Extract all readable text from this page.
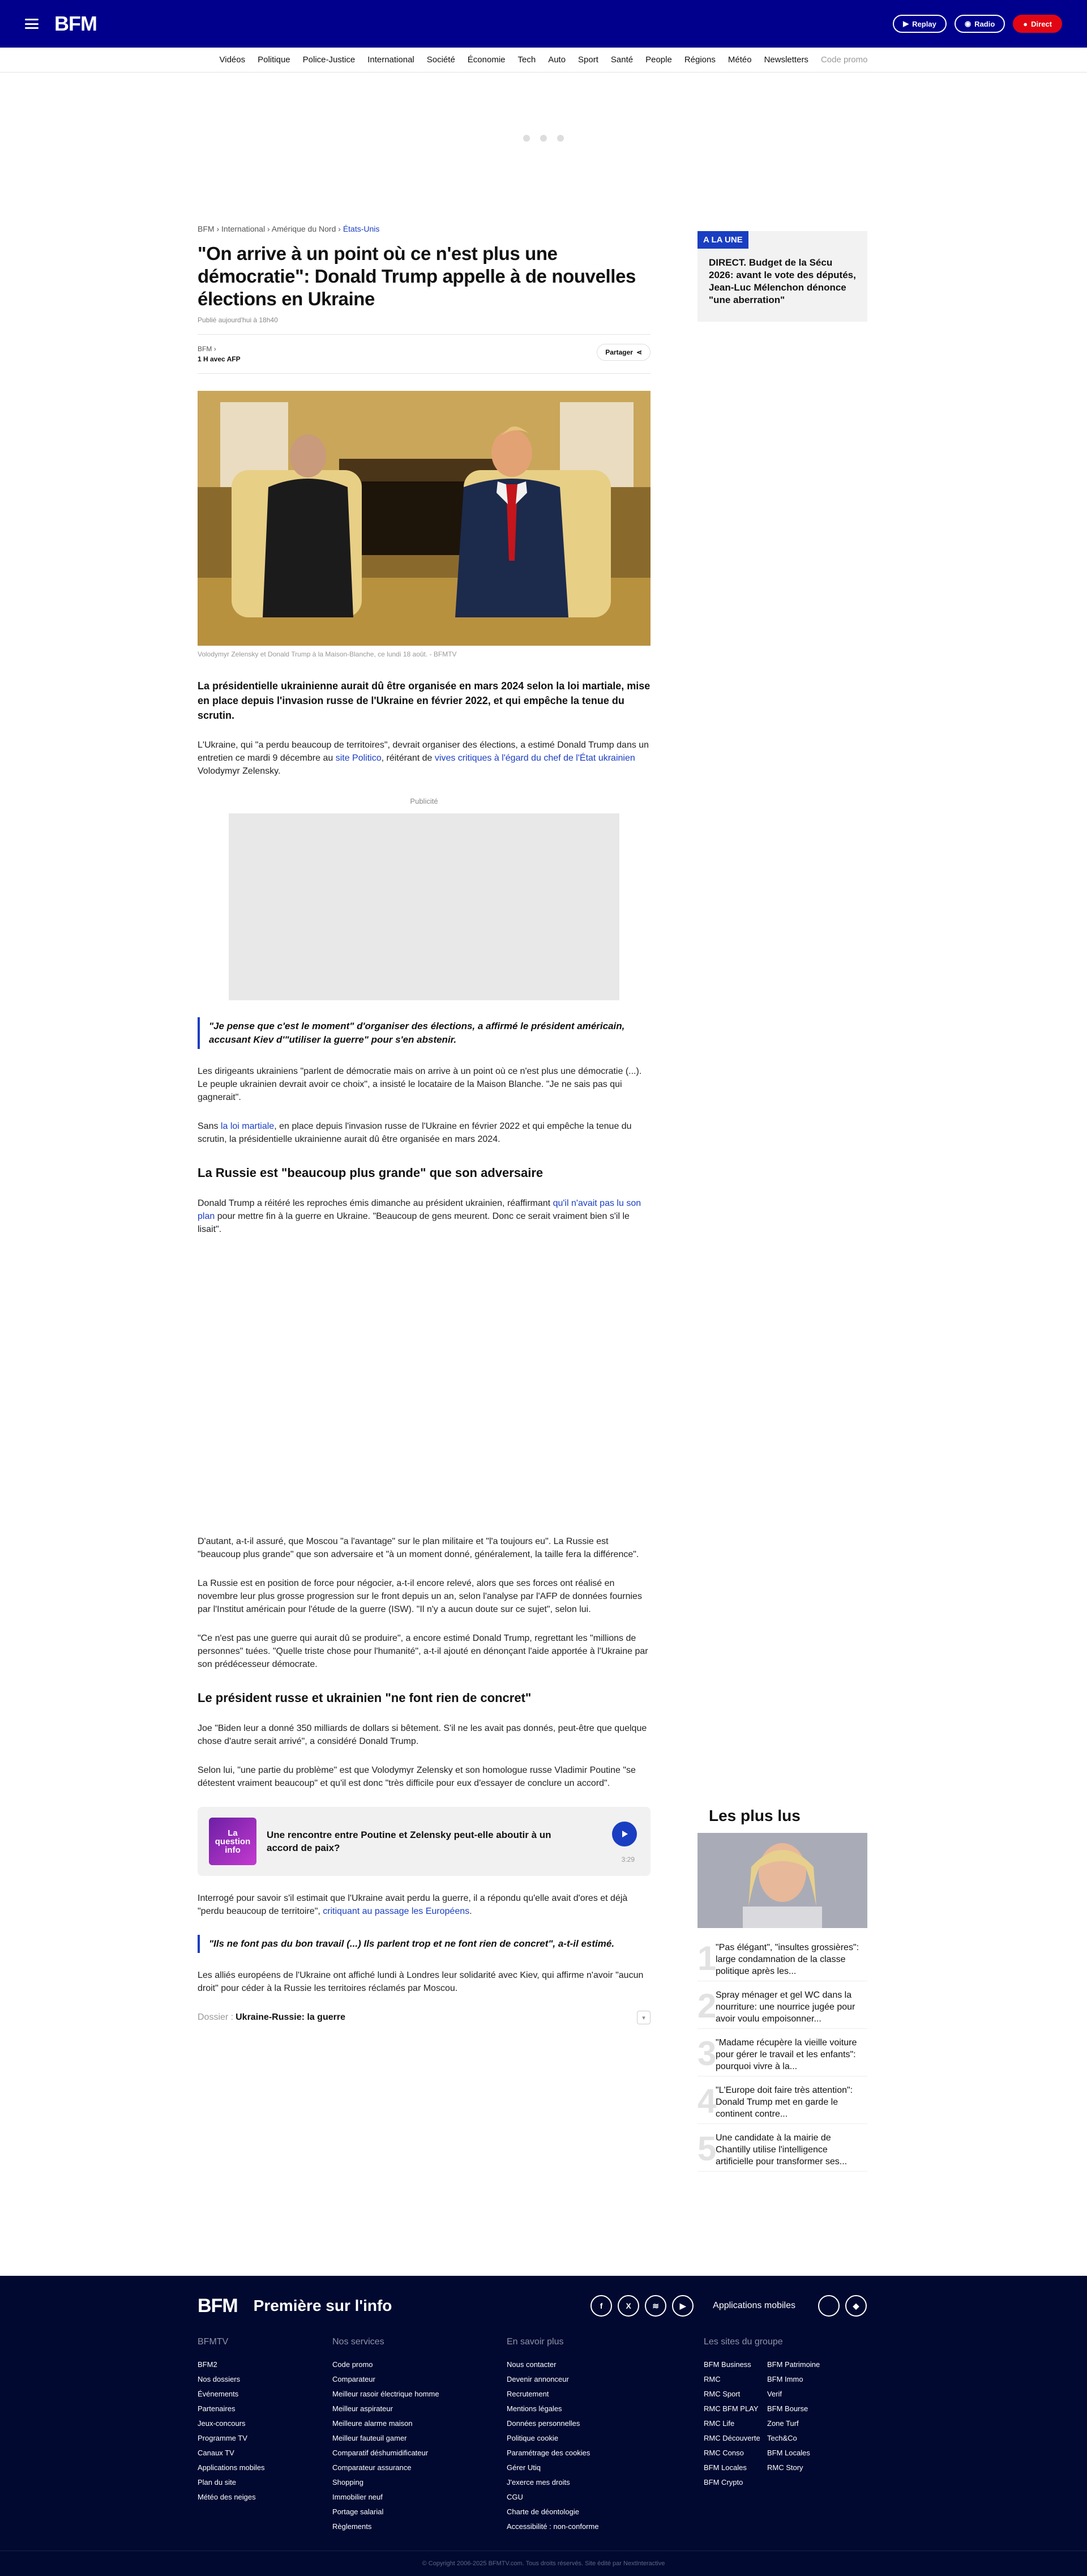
BFM	▶ Replay	◉ Radio	● Direct
Vidéos Politique Police-Justice International Société Économie Tech Auto Sport Santé People Régions Météo Newsletters Code promo
BFM › International › Amérique du Nord › États-Unis
"On arrive à un point où ce n'est plus une démocratie": Donald Trump appelle à de nouvelles élections en Ukraine
Publié aujourd'hui à 18h40
BFM ›
1 H avec AFP
Partager ⋖
Volodymyr Zelensky et Donald Trump à la Maison-Blanche, ce lundi 18 août. - BFMTV
La présidentielle ukrainienne aurait dû être organisée en mars 2024 selon la loi martiale, mise en place depuis l'invasion russe de l'Ukraine en février 2022, et qui empêche la tenue du scrutin.

L'Ukraine, qui "a perdu beaucoup de territoires", devrait organiser des élections, a estimé Donald Trump dans un entretien ce mardi 9 décembre au site Politico, réitérant de vives critiques à l'égard du chef de l'État ukrainien Volodymyr Zelensky.

Publicité
"Je pense que c'est le moment" d'organiser des élections, a affirmé le président américain, accusant Kiev d'"utiliser la guerre" pour s'en abstenir.

Les dirigeants ukrainiens "parlent de démocratie mais on arrive à un point où ce n'est plus une démocratie (...). Le peuple ukrainien devrait avoir ce choix", a insisté le locataire de la Maison Blanche. "Je ne sais pas qui gagnerait".

Sans la loi martiale, en place depuis l'invasion russe de l'Ukraine en février 2022 et qui empêche la tenue du scrutin, la présidentielle ukrainienne aurait dû être organisée en mars 2024.

La Russie est "beaucoup plus grande" que son adversaire

Donald Trump a réitéré les reproches émis dimanche au président ukrainien, réaffirmant qu'il n'avait pas lu son plan pour mettre fin à la guerre en Ukraine. "Beaucoup de gens meurent. Donc ce serait vraiment bien s'il le lisait".

D'autant, a-t-il assuré, que Moscou "a l'avantage" sur le plan militaire et "l'a toujours eu". La Russie est "beaucoup plus grande" que son adversaire et "à un moment donné, généralement, la taille fera la différence".

La Russie est en position de force pour négocier, a-t-il encore relevé, alors que ses forces ont réalisé en novembre leur plus grosse progression sur le front depuis un an, selon l'analyse par l'AFP de données fournies par l'Institut américain pour l'étude de la guerre (ISW). "Il n'y a aucun doute sur ce sujet", selon lui.

"Ce n'est pas une guerre qui aurait dû se produire", a encore estimé Donald Trump, regrettant les "millions de personnes" tuées. "Quelle triste chose pour l'humanité", a-t-il ajouté en dénonçant l'aide apportée à l'Ukraine par son prédécesseur démocrate.

Le président russe et ukrainien "ne font rien de concret"

Joe "Biden leur a donné 350 milliards de dollars si bêtement. S'il ne les avait pas donnés, peut-être que quelque chose d'autre serait arrivé", a considéré Donald Trump.

Selon lui, "une partie du problème" est que Volodymyr Zelensky et son homologue russe Vladimir Poutine "se détestent vraiment beaucoup" et qu'il est donc "très difficile pour eux d'essayer de conclure un accord".

La question info
Une rencontre entre Poutine et Zelensky peut-elle aboutir à un accord de paix?
3:29

Interrogé pour savoir s'il estimait que l'Ukraine avait perdu la guerre, il a répondu qu'elle avait d'ores et déjà "perdu beaucoup de territoire", critiquant au passage les Européens.

"Ils ne font pas du bon travail (...) Ils parlent trop et ne font rien de concret", a-t-il estimé.

Les alliés européens de l'Ukraine ont affiché lundi à Londres leur solidarité avec Kiev, qui affirme n'avoir "aucun droit" pour céder à la Russie les territoires réclamés par Moscou.

Dossier : Ukraine-Russie: la guerre	▾
A LA UNE
DIRECT. Budget de la Sécu 2026: avant le vote des députés, Jean-Luc Mélenchon dénonce "une aberration"
Les plus lus
1
"Pas élégant", "insultes grossières": large condamnation de la classe politique après les...
2
Spray ménager et gel WC dans la nourriture: une nourrice jugée pour avoir voulu empoisonner...
3
"Madame récupère la vieille voiture pour gérer le travail et les enfants": pourquoi vivre à la...
4
"L'Europe doit faire très attention": Donald Trump met en garde le continent contre...
5
Une candidate à la mairie de Chantilly utilise l'intelligence artificielle pour transformer ses...
BFM Première sur l'info	f	X	≋	▶	Applications mobiles	◆
BFMTV
BFM2
Nos dossiers
Événements
Partenaires
Jeux-concours
Programme TV
Canaux TV
Applications mobiles
Plan du site
Météo des neiges
Nos services
Code promo
Comparateur
Meilleur rasoir électrique homme
Meilleur aspirateur
Meilleure alarme maison
Meilleur fauteuil gamer
Comparatif déshumidificateur
Comparateur assurance
Shopping
Immobilier neuf
Portage salarial
Règlements
En savoir plus
Nous contacter
Devenir annonceur
Recrutement
Mentions légales
Données personnelles
Politique cookie
Paramétrage des cookies
Gérer Utiq
J'exerce mes droits
CGU
Charte de déontologie
Accessibilité : non-conforme
Les sites du groupe
BFM Business
RMC
RMC Sport
RMC BFM PLAY
RMC Life
RMC Découverte
RMC Conso
BFM Locales
BFM Crypto

BFM Patrimoine
BFM Immo
Verif
BFM Bourse
Zone Turf
Tech&Co
BFM Locales
RMC Story
© Copyright 2006-2025 BFMTV.com. Tous droits réservés. Site édité par NextInteractive
